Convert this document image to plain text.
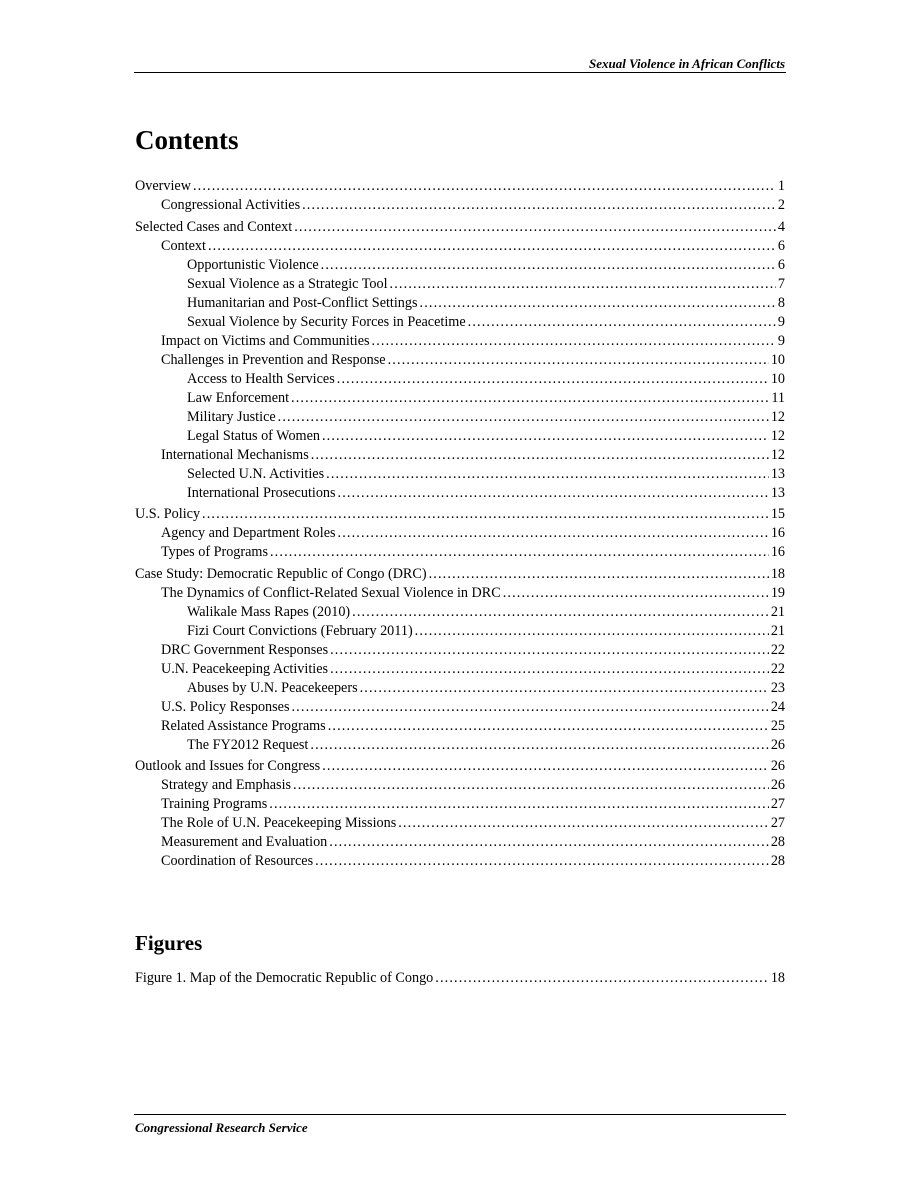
Sexual Violence in African Conflicts
Contents
Overview . . .	1
Congressional Activities . . .	2
Selected Cases and Context . . .	4
Context . . .	6
Opportunistic Violence . . .	6
Sexual Violence as a Strategic Tool . . .	7
Humanitarian and Post-Conflict Settings . . .	8
Sexual Violence by Security Forces in Peacetime . . .	9
Impact on Victims and Communities . . .	9
Challenges in Prevention and Response . . .	10
Access to Health Services . . .	10
Law Enforcement . . .	11
Military Justice . . .	12
Legal Status of Women . . .	12
International Mechanisms . . .	12
Selected U.N. Activities . . .	13
International Prosecutions . . .	13
U.S. Policy . . .	15
Agency and Department Roles . . .	16
Types of Programs . . .	16
Case Study: Democratic Republic of Congo (DRC) . . .	18
The Dynamics of Conflict-Related Sexual Violence in DRC . . .	19
Walikale Mass Rapes (2010) . . .	21
Fizi Court Convictions (February 2011) . . .	21
DRC Government Responses . . .	22
U.N. Peacekeeping Activities . . .	22
Abuses by U.N. Peacekeepers . . .	23
U.S. Policy Responses . . .	24
Related Assistance Programs . . .	25
The FY2012 Request . . .	26
Outlook and Issues for Congress . . .	26
Strategy and Emphasis . . .	26
Training Programs . . .	27
The Role of U.N. Peacekeeping Missions . . .	27
Measurement and Evaluation . . .	28
Coordination of Resources . . .	28
Figures
Figure 1. Map of the Democratic Republic of Congo . . .	18
Congressional Research Service
